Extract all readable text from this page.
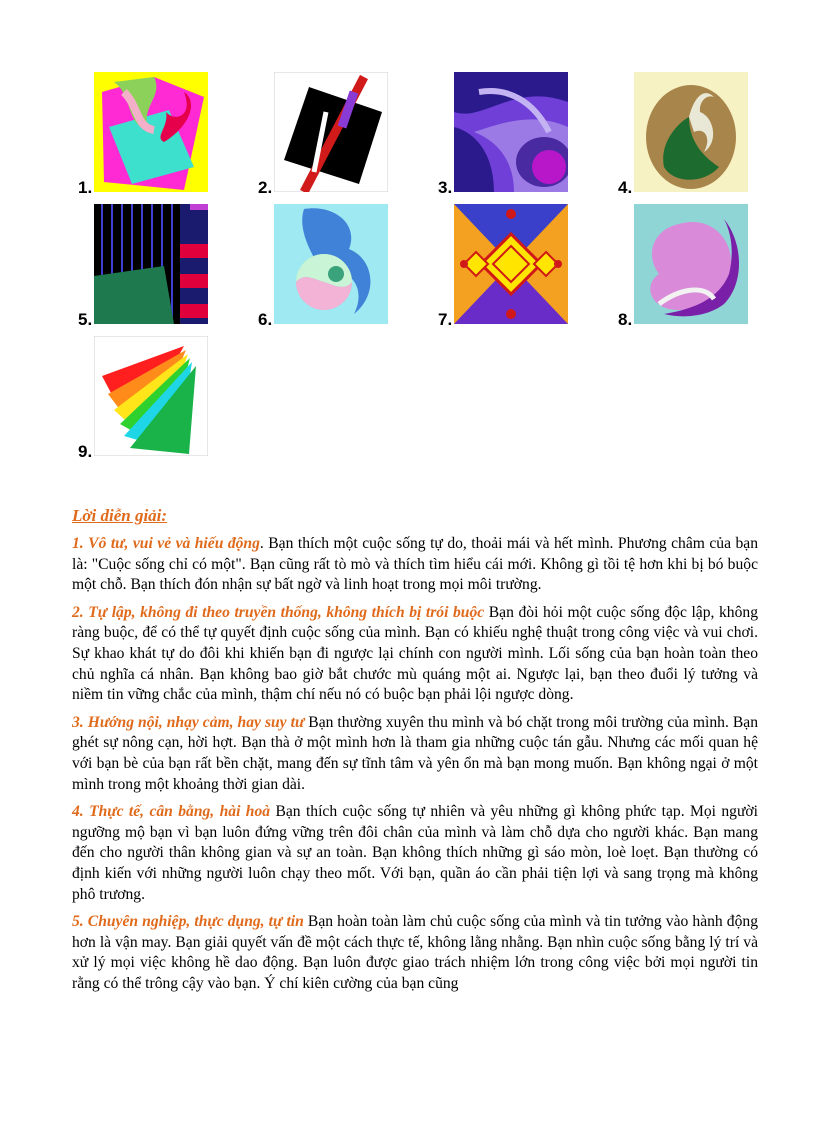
1.	2.	3.	4.
5.	6.	7.	8.
9.
Lời diễn giải:

1. Vô tư, vui vẻ và hiếu động. Bạn thích một cuộc sống tự do, thoải mái và hết mình. Phương châm của bạn là: "Cuộc sống chỉ có một". Bạn cũng rất tò mò và thích tìm hiểu cái mới. Không gì tồi tệ hơn khi bị bó buộc một chỗ. Bạn thích đón nhận sự bất ngờ và linh hoạt trong mọi môi trường.

2. Tự lập, không đi theo truyền thống, không thích bị trói buộc Bạn đòi hỏi một cuộc sống độc lập, không ràng buộc, để có thể tự quyết định cuộc sống của mình. Bạn có khiếu nghệ thuật trong công việc và vui chơi. Sự khao khát tự do đôi khi khiến bạn đi ngược lại chính con người mình. Lối sống của bạn hoàn toàn theo chủ nghĩa cá nhân. Bạn không bao giờ bắt chước mù quáng một ai. Ngược lại, bạn theo đuổi lý tưởng và niềm tin vững chắc của mình, thậm chí nếu nó có buộc bạn phải lội ngược dòng.

3. Hướng nội, nhạy cảm, hay suy tư Bạn thường xuyên thu mình và bó chặt trong môi trường của mình. Bạn ghét sự nông cạn, hời hợt. Bạn thà ở một mình hơn là tham gia những cuộc tán gẫu. Nhưng các mối quan hệ với bạn bè của bạn rất bền chặt, mang đến sự tĩnh tâm và yên ổn mà bạn mong muốn. Bạn không ngại ở một mình trong một khoảng thời gian dài.

4. Thực tế, cân bằng, hài hoà Bạn thích cuộc sống tự nhiên và yêu những gì không phức tạp. Mọi người ngưỡng mộ bạn vì bạn luôn đứng vững trên đôi chân của mình và làm chỗ dựa cho người khác. Bạn mang đến cho người thân không gian và sự an toàn. Bạn không thích những gì sáo mòn, loè loẹt. Bạn thường có định kiến với những người luôn chạy theo mốt. Với bạn, quần áo cần phải tiện lợi và sang trọng mà không phô trương.

5. Chuyên nghiệp, thực dụng, tự tin Bạn hoàn toàn làm chủ cuộc sống của mình và tin tưởng vào hành động hơn là vận may. Bạn giải quyết vấn đề một cách thực tế, không lằng nhằng. Bạn nhìn cuộc sống bằng lý trí và xử lý mọi việc không hề dao động. Bạn luôn được giao trách nhiệm lớn trong công việc bởi mọi người tin rằng có thể trông cậy vào bạn. Ý chí kiên cường của bạn cũng
